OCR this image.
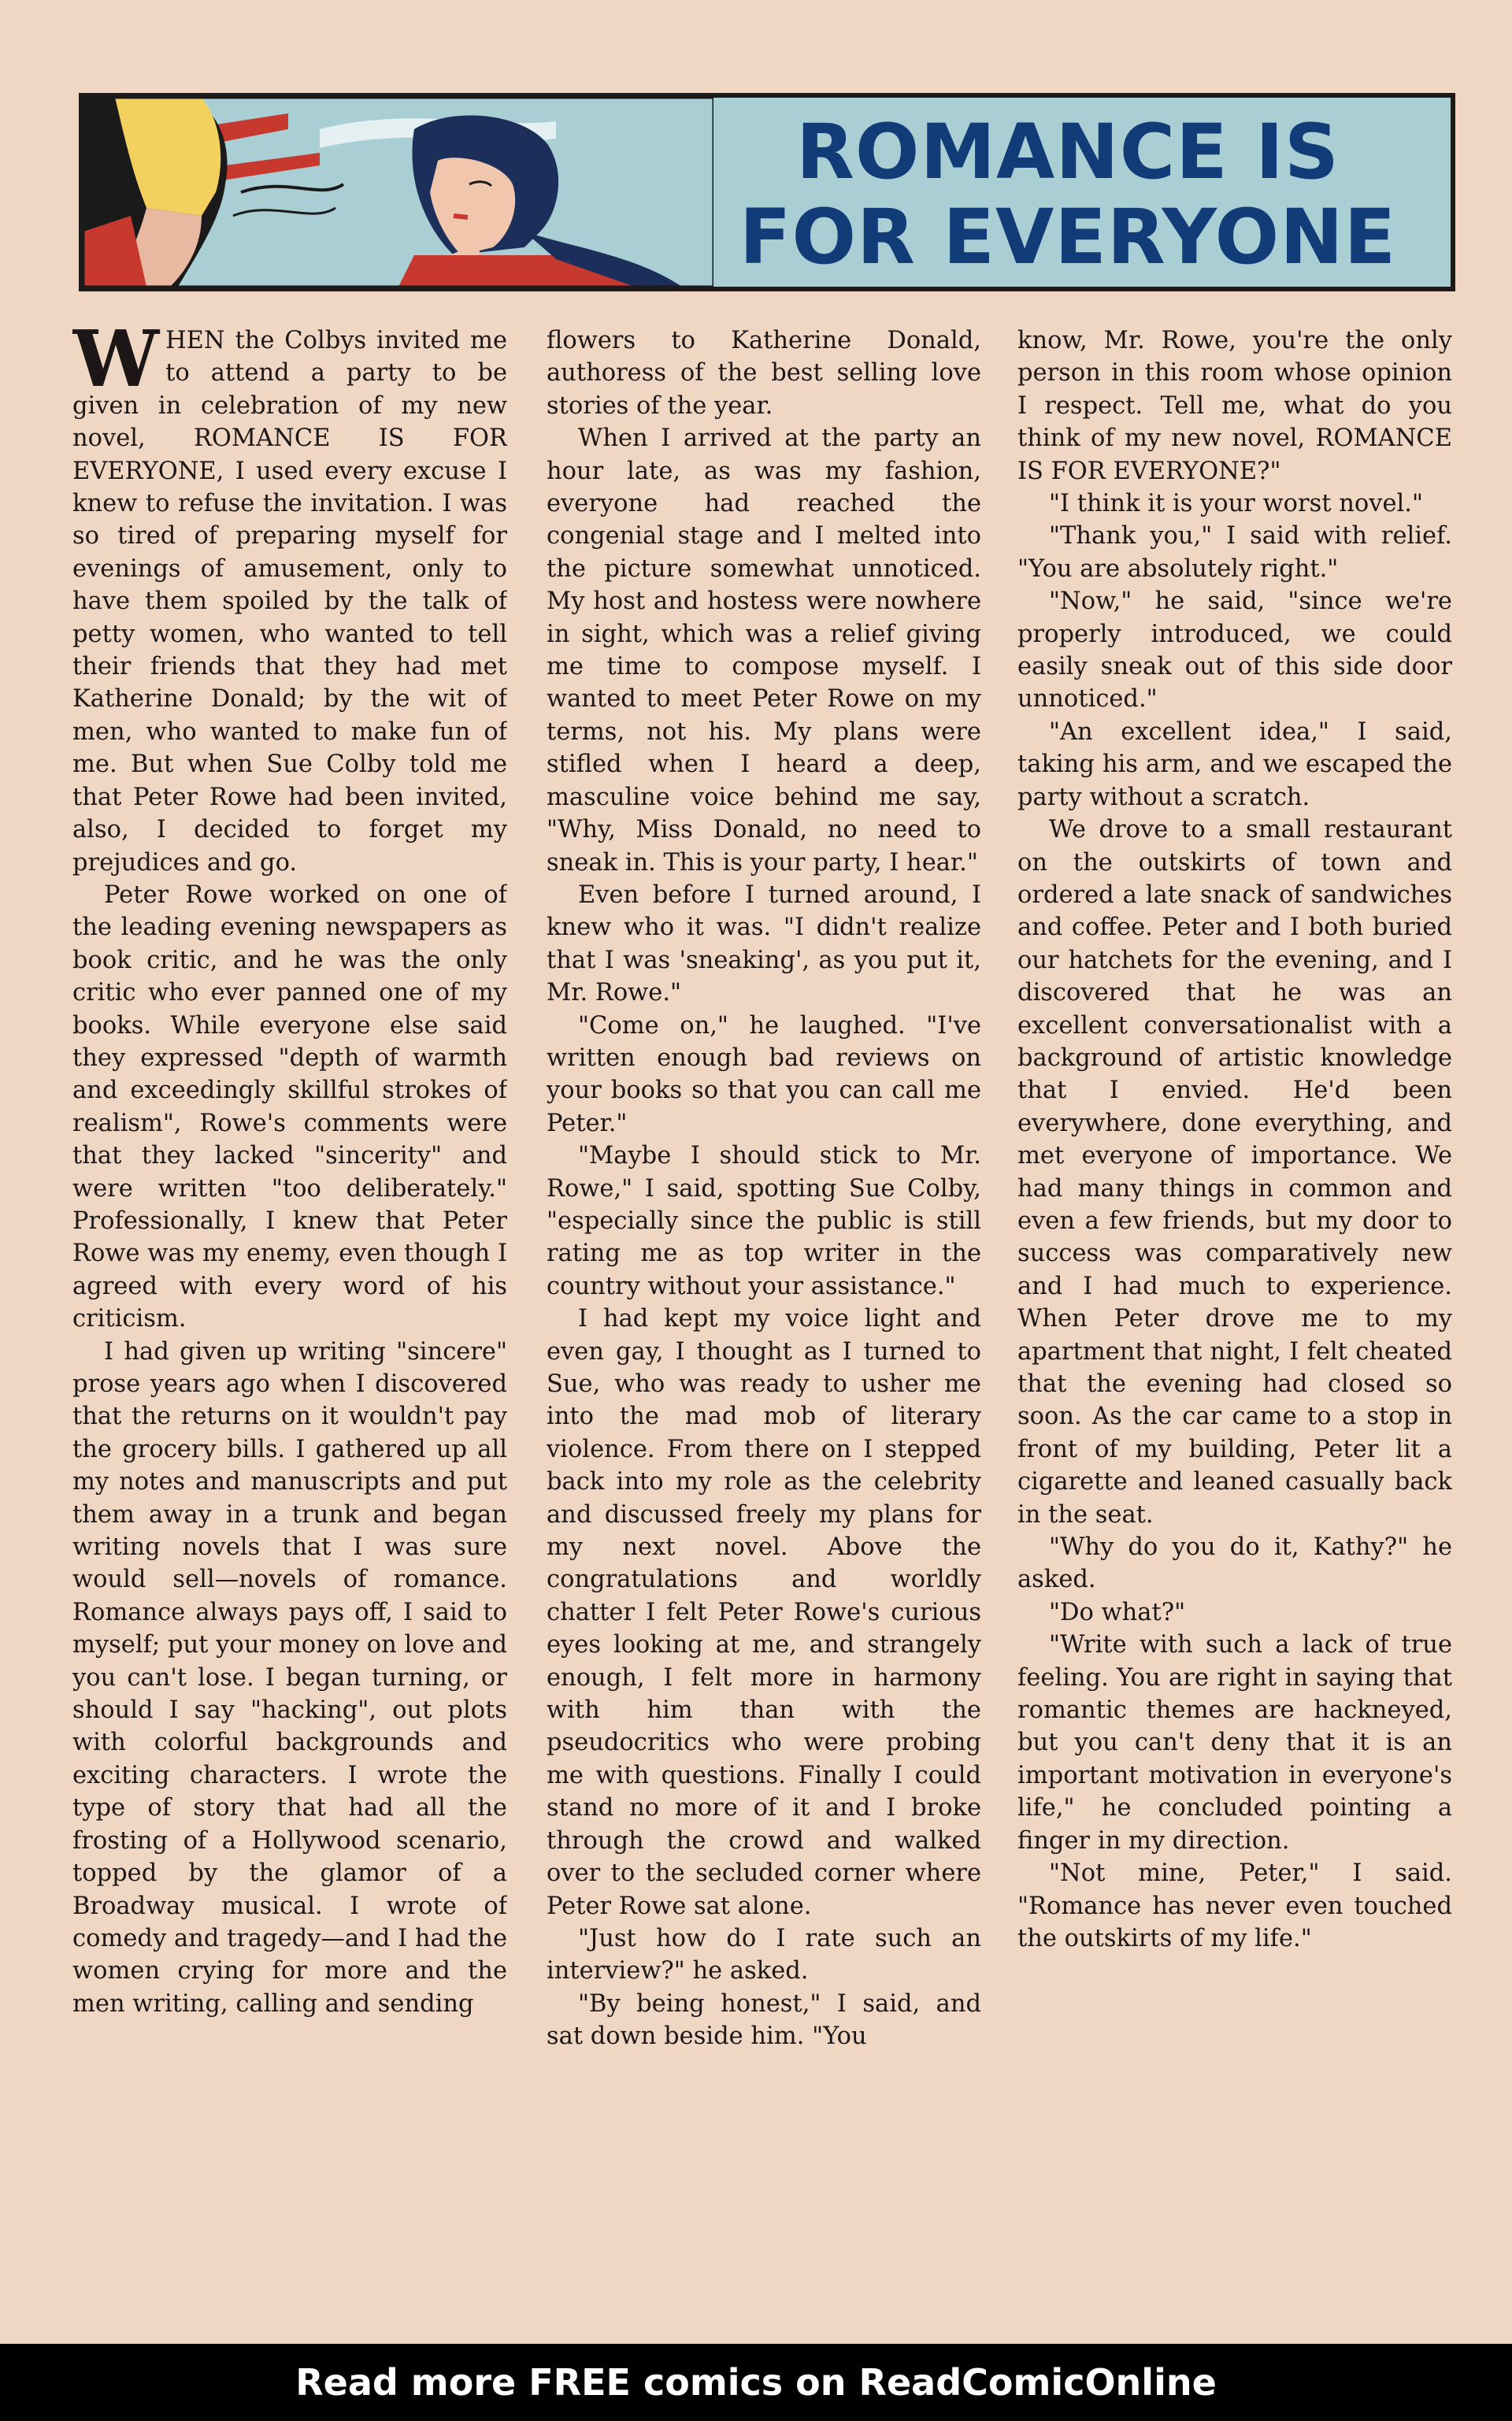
ROMANCE IS
FOR EVERYONE

WHEN the Colbys invited me to attend a party to be given in celebration of my new novel, ROMANCE IS FOR EVERYONE, I used every excuse I knew to refuse the invitation. I was so tired of preparing myself for evenings of amusement, only to have them spoiled by the talk of petty women, who wanted to tell their friends that they had met Katherine Donald; by the wit of men, who wanted to make fun of me. But when Sue Colby told me that Peter Rowe had been invited, also, I decided to forget my prejudices and go.

Peter Rowe worked on one of the leading evening newspapers as book critic, and he was the only critic who ever panned one of my books. While everyone else said they expressed "depth of warmth and exceedingly skillful strokes of realism", Rowe's comments were that they lacked "sincerity" and were written "too deliberately." Professionally, I knew that Peter Rowe was my enemy, even though I agreed with every word of his criticism.

I had given up writing "sincere" prose years ago when I discovered that the returns on it wouldn't pay the grocery bills. I gathered up all my notes and manuscripts and put them away in a trunk and began writing novels that I was sure would sell—novels of romance. Romance always pays off, I said to myself; put your money on love and you can't lose. I began turning, or should I say "hacking", out plots with colorful backgrounds and exciting characters. I wrote the type of story that had all the frosting of a Hollywood scenario, topped by the glamor of a Broadway musical. I wrote of comedy and tragedy—and I had the women crying for more and the men writing, calling and sending

flowers to Katherine Donald, authoress of the best selling love stories of the year.

When I arrived at the party an hour late, as was my fashion, everyone had reached the congenial stage and I melted into the picture somewhat unnoticed. My host and hostess were nowhere in sight, which was a relief giving me time to compose myself. I wanted to meet Peter Rowe on my terms, not his. My plans were stifled when I heard a deep, masculine voice behind me say, "Why, Miss Donald, no need to sneak in. This is your party, I hear."

Even before I turned around, I knew who it was. "I didn't realize that I was 'sneaking', as you put it, Mr. Rowe."

"Come on," he laughed. "I've written enough bad reviews on your books so that you can call me Peter."

"Maybe I should stick to Mr. Rowe," I said, spotting Sue Colby, "especially since the public is still rating me as top writer in the country without your assistance."

I had kept my voice light and even gay, I thought as I turned to Sue, who was ready to usher me into the mad mob of literary violence. From there on I stepped back into my role as the celebrity and discussed freely my plans for my next novel. Above the congratulations and worldly chatter I felt Peter Rowe's curious eyes looking at me, and strangely enough, I felt more in harmony with him than with the pseudocritics who were probing me with questions. Finally I could stand no more of it and I broke through the crowd and walked over to the secluded corner where Peter Rowe sat alone.

"Just how do I rate such an interview?" he asked.

"By being honest," I said, and sat down beside him. "You

know, Mr. Rowe, you're the only person in this room whose opinion I respect. Tell me, what do you think of my new novel, ROMANCE IS FOR EVERYONE?"

"I think it is your worst novel."

"Thank you," I said with relief. "You are absolutely right."

"Now," he said, "since we're properly introduced, we could easily sneak out of this side door unnoticed."

"An excellent idea," I said, taking his arm, and we escaped the party without a scratch.

We drove to a small restaurant on the outskirts of town and ordered a late snack of sandwiches and coffee. Peter and I both buried our hatchets for the evening, and I discovered that he was an excellent conversationalist with a background of artistic knowledge that I envied. He'd been everywhere, done everything, and met everyone of importance. We had many things in common and even a few friends, but my door to success was comparatively new and I had much to experience. When Peter drove me to my apartment that night, I felt cheated that the evening had closed so soon. As the car came to a stop in front of my building, Peter lit a cigarette and leaned casually back in the seat.

"Why do you do it, Kathy?" he asked.

"Do what?"

"Write with such a lack of true feeling. You are right in saying that romantic themes are hackneyed, but you can't deny that it is an important motivation in everyone's life," he concluded pointing a finger in my direction.

"Not mine, Peter," I said. "Romance has never even touched the outskirts of my life."

Read more FREE comics on ReadComicOnline
